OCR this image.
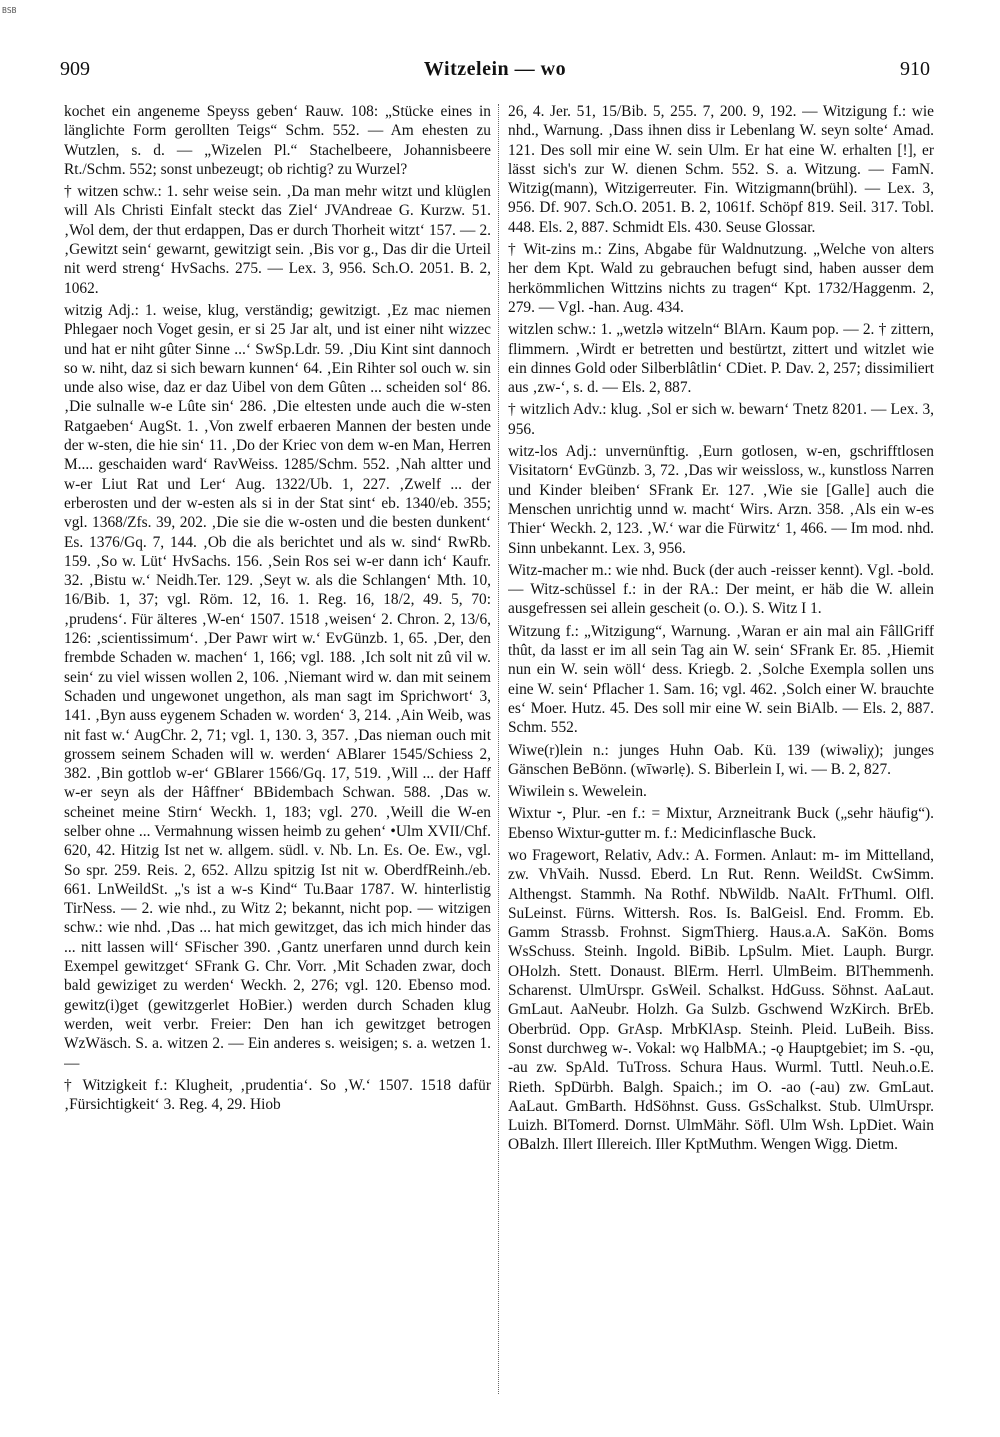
BSB
909	Witzelein — wo	910

kochet ein angeneme Speyss geben‘ Rauw. 108: „Stücke eines in länglichte Form gerollten Teigs“ Schm. 552. — Am ehesten zu Wutzlen, s. d. — „Wizelen Pl.“ Stachelbeere, Johannisbeere Rt./Schm. 552; sonst unbezeugt; ob richtig? zu Wurzel?

† witzen schw.: 1. sehr weise sein. ‚Da man mehr witzt und klüglen will Als Christi Einfalt steckt das Ziel‘ JVAndreae G. Kurzw. 51. ‚Wol dem, der thut erdappen, Das er durch Thorheit witzt‘ 157. — 2. ‚Gewitzt sein‘ gewarnt, gewitzigt sein. ‚Bis vor g., Das dir die Urteil nit werd streng‘ HvSachs. 275. — Lex. 3, 956. Sch.O. 2051. B. 2, 1062.

witzig Adj.: 1. weise, klug, verständig; gewitzigt. ‚Ez mac niemen Phlegaer noch Voget gesin, er si 25 Jar alt, und ist einer niht wizzec und hat er niht gûter Sinne ...‘ SwSp.Ldr. 59. ‚Diu Kint sint dannoch so w. niht, daz si sich bewarn kunnen‘ 64. ‚Ein Rihter sol ouch w. sin unde also wise, daz er daz Uibel von dem Gûten ... scheiden sol‘ 86. ‚Die sulnalle w-e Lûte sin‘ 286. ‚Die eltesten unde auch die w-sten Ratgaeben‘ AugSt. 1. ‚Von zwelf erbaeren Mannen der besten unde der w-sten, die hie sin‘ 11. ‚Do der Kriec von dem w-en Man, Herren M.... geschaiden ward‘ RavWeiss. 1285/Schm. 552. ‚Nah altter und w-er Liut Rat und Ler‘ Aug. 1322/Ub. 1, 227. ‚Zwelf ... der erberosten und der w-esten als si in der Stat sint‘ eb. 1340/eb. 355; vgl. 1368/Zfs. 39, 202. ‚Die sie die w-osten und die besten dunkent‘ Es. 1376/Gq. 7, 144. ‚Ob die als berichtet und als w. sind‘ RwRb. 159. ‚So w. Lüt‘ HvSachs. 156. ‚Sein Ros sei w-er dann ich‘ Kaufr. 32. ‚Bistu w.‘ Neidh.Ter. 129. ‚Seyt w. als die Schlangen‘ Mth. 10, 16/Bib. 1, 37; vgl. Röm. 12, 16. 1. Reg. 16, 18/2, 49. 5, 70: ‚prudens‘. Für älteres ‚W-en‘ 1507. 1518 ‚weisen‘ 2. Chron. 2, 13/6, 126: ‚scientissimum‘. ‚Der Pawr wirt w.‘ EvGünzb. 1, 65. ‚Der, den frembde Schaden w. machen‘ 1, 166; vgl. 188. ‚Ich solt nit zû vil w. sein‘ zu viel wissen wollen 2, 106. ‚Niemant wird w. dan mit seinem Schaden und ungewonet ungethon, als man sagt im Sprichwort‘ 3, 141. ‚Byn auss eygenem Schaden w. worden‘ 3, 214. ‚Ain Weib, was nit fast w.‘ AugChr. 2, 71; vgl. 1, 130. 3, 357. ‚Das nieman ouch mit grossem seinem Schaden will w. werden‘ ABlarer 1545/Schiess 2, 382. ‚Bin gottlob w-er‘ GBlarer 1566/Gq. 17, 519. ‚Will ... der Haff w-er seyn als der Hâffner‘ BBidembach Schwan. 588. ‚Das w. scheinet meine Stirn‘ Weckh. 1, 183; vgl. 270. ‚Weill die W-en selber ohne ... Vermahnung wissen heimb zu gehen‘ •Ulm XVII/Chf. 620, 42. Hitzig Ist net w. allgem. südl. v. Nb. Ln. Es. Oe. Ew., vgl. So spr. 259. Reis. 2, 652. Allzu spitzig Ist nit w. OberdfReinh./eb. 661. LnWeildSt. „'s ist a w-s Kind“ Tu.Baar 1787. W. hinterlistig TirNess. — 2. wie nhd., zu Witz 2; bekannt, nicht pop. — witzigen schw.: wie nhd. ‚Das ... hat mich gewitzget, das ich mich hinder das ... nitt lassen will‘ SFischer 390. ‚Gantz unerfaren unnd durch kein Exempel gewitzget‘ SFrank G. Chr. Vorr. ‚Mit Schaden zwar, doch bald gewiziget zu werden‘ Weckh. 2, 276; vgl. 120. Ebenso mod. gewitz(i)get (gewitzgerlet HoBier.) werden durch Schaden klug werden, weit verbr. Freier: Den han ich gewitzget betrogen WzWäsch. S. a. witzen 2. — Ein anderes s. weisigen; s. a. wetzen 1. —

† Witzigkeit f.: Klugheit, ‚prudentia‘. So ‚W.‘ 1507. 1518 dafür ‚Fürsichtigkeit‘ 3. Reg. 4, 29. Hiob

26, 4. Jer. 51, 15/Bib. 5, 255. 7, 200. 9, 192. — Witzigung f.: wie nhd., Warnung. ‚Dass ihnen diss ir Lebenlang W. seyn solte‘ Amad. 121. Des soll mir eine W. sein Ulm. Er hat eine W. erhalten [!], er lässt sich's zur W. dienen Schm. 552. S. a. Witzung. — FamN. Witzig(mann), Witzigerreuter. Fin. Witzigmann(brühl). — Lex. 3, 956. Df. 907. Sch.O. 2051. B. 2, 1061f. Schöpf 819. Seil. 317. Tobl. 448. Els. 2, 887. Schmidt Els. 430. Seuse Glossar.

† Wit-zins m.: Zins, Abgabe für Waldnutzung. „Welche von alters her dem Kpt. Wald zu gebrauchen befugt sind, haben ausser dem herkömmlichen Wittzins nichts zu tragen“ Kpt. 1732/Haggenm. 2, 279. — Vgl. -han. Aug. 434.

witzlen schw.: 1. „wetzlə witzeln“ BlArn. Kaum pop. — 2. † zittern, flimmern. ‚Wirdt er betretten und bestürtzt, zittert und witzlet wie ein dinnes Gold oder Silberblâtlin‘ CDiet. P. Dav. 2, 257; dissimiliert aus ‚zw-‘, s. d. — Els. 2, 887.

† witzlich Adv.: klug. ‚Sol er sich w. bewarn‘ Tnetz 8201. — Lex. 3, 956.

witz-los Adj.: unvernünftig. ‚Eurn gotlosen, w-en, gschrifftlosen Visitatorn‘ EvGünzb. 3, 72. ‚Das wir weissloss, w., kunstloss Narren und Kinder bleiben‘ SFrank Er. 127. ‚Wie sie [Galle] auch die Menschen unrichtig unnd w. macht‘ Wirs. Arzn. 358. ‚Als ein w-es Thier‘ Weckh. 2, 123. ‚W.‘ war die Fürwitz‘ 1, 466. — Im mod. nhd. Sinn unbekannt. Lex. 3, 956.

Witz-macher m.: wie nhd. Buck (der auch -reisser kennt). Vgl. -bold. — Witz-schüssel f.: in der RA.: Der meint, er häb die W. allein ausgefressen sei allein gescheit (o. O.). S. Witz I 1.

Witzung f.: „Witzigung“, Warnung. ‚Waran er ain mal ain FâllGriff thût, da lasst er im all sein Tag ain W. sein‘ SFrank Er. 85. ‚Hiemit nun ein W. sein wöll‘ dess. Kriegb. 2. ‚Solche Exempla sollen uns eine W. sein‘ Pflacher 1. Sam. 16; vgl. 462. ‚Solch einer W. brauchte es‘ Moer. Hutz. 45. Des soll mir eine W. sein BiAlb. — Els. 2, 887. Schm. 552.

Wiwe(r)lein n.: junges Huhn Oab. Kü. 139 (wiwəliχ); junges Gänschen BeBönn. (wīwərlẹ). S. Biberlein I, wi. — B. 2, 827.

Wiwilein s. Wewelein.

Wixtur ⏑, Plur. -en f.: = Mixtur, Arzneitrank Buck („sehr häufig“). Ebenso Wixtur-gutter m. f.: Medicinflasche Buck.

wo Fragewort, Relativ, Adv.: A. Formen. Anlaut: m- im Mittelland, zw. VhVaih. Nussd. Eberd. Ln Rut. Renn. WeildSt. CwSimm. Althengst. Stammh. Na Rothf. NbWildb. NaAlt. FrThuml. Olfl. SuLeinst. Fürns. Wittersh. Ros. Is. BalGeisl. End. Fromm. Eb. Gamm Strassb. Frohnst. SigmThierg. Haus.a.A. SaKön. Boms WsSchuss. Steinh. Ingold. BiBib. LpSulm. Miet. Lauph. Burgr. OHolzh. Stett. Donaust. BlErm. Herrl. UlmBeim. BlThemmenh. Scharenst. UlmUrspr. GsWeil. Schalkst. HdGuss. Söhnst. AaLaut. GmLaut. AaNeubr. Holzh. Ga Sulzb. Gschwend WzKirch. BrEb. Oberbrüd. Opp. GrAsp. MrbKlAsp. Steinh. Pleid. LuBeih. Biss. Sonst durchweg w-. Vokal: wǫ HalbMA.; -ǫ Hauptgebiet; im S. -ǫu, -au zw. SpAld. TuTross. Schura Haus. Wurml. Tuttl. Neuh.o.E. Rieth. SpDürbh. Balgh. Spaich.; im O. -ao (-au) zw. GmLaut. AaLaut. GmBarth. HdSöhnst. Guss. GsSchalkst. Stub. UlmUrspr. Luizh. BlTomerd. Dornst. UlmMähr. Söfl. Ulm Wsh. LpDiet. Wain OBalzh. Illert Illereich. Iller KptMuthm. Wengen Wigg. Dietm.
